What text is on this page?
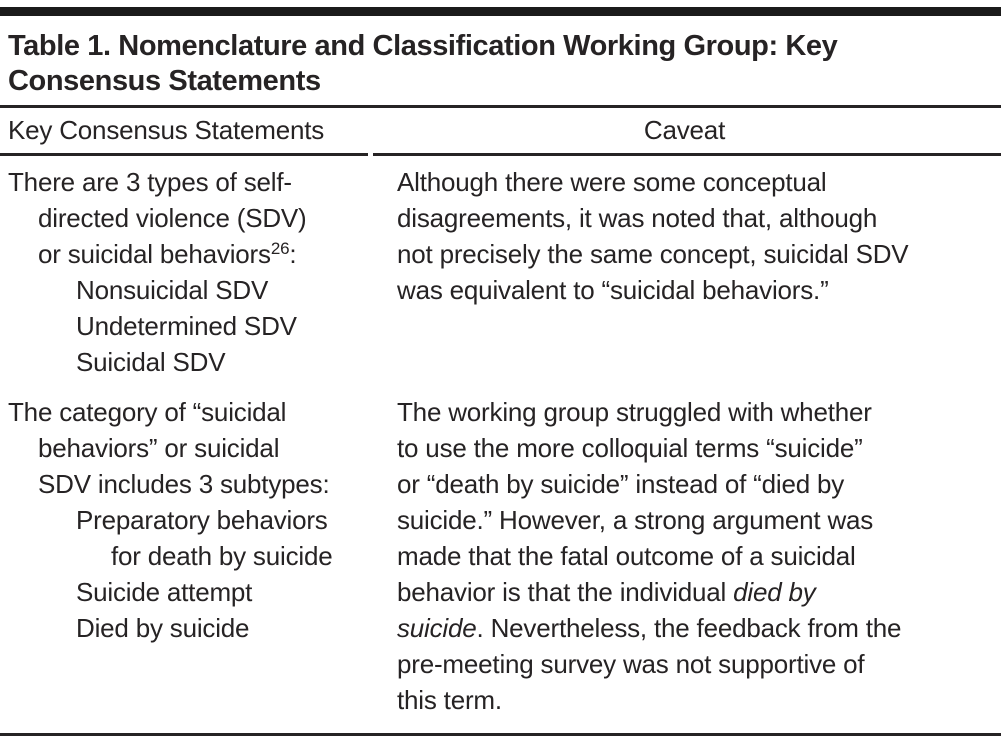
Table 1. Nomenclature and Classification Working Group: Key Consensus Statements
Key Consensus Statements	Caveat
There are 3 types of self-
directed violence (SDV)
or suicidal behaviors$^{26}$:
Nonsuicidal SDV
Undetermined SDV
Suicidal SDV
Although there were some conceptual
disagreements, it was noted that, although
not precisely the same concept, suicidal SDV
was equivalent to “suicidal behaviors.”
The category of “suicidal
behaviors” or suicidal
SDV includes 3 subtypes:
Preparatory behaviors
for death by suicide
Suicide attempt
Died by suicide
The working group struggled with whether
to use the more colloquial terms “suicide”
or “death by suicide” instead of “died by
suicide.” However, a strong argument was
made that the fatal outcome of a suicidal
behavior is that the individual died by
suicide. Nevertheless, the feedback from the
pre-meeting survey was not supportive of
this term.
